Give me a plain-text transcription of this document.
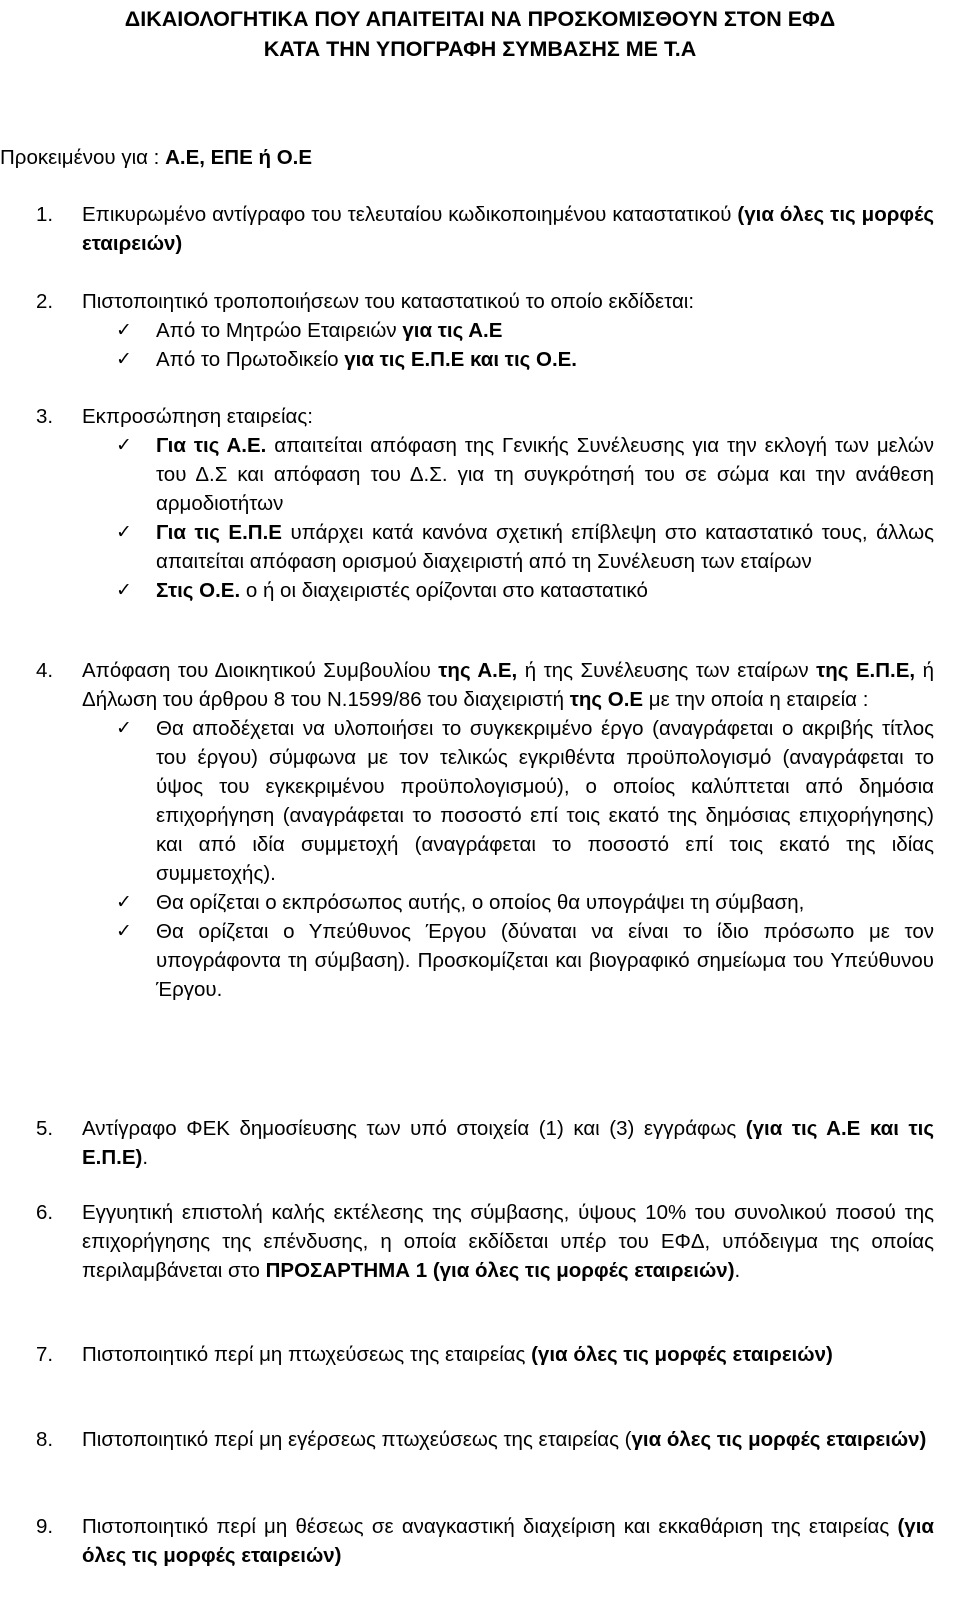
ΔΙΚΑΙΟΛΟΓΗΤΙΚΑ ΠΟΥ ΑΠΑΙΤΕΙΤΑΙ ΝΑ ΠΡΟΣΚΟΜΙΣΘΟΥΝ ΣΤΟΝ ΕΦΔ
ΚΑΤΑ ΤΗΝ ΥΠΟΓΡΑΦΗ ΣΥΜΒΑΣΗΣ ΜΕ Τ.Α
Προκειμένου για : Α.Ε, ΕΠΕ ή Ο.Ε
1. Επικυρωμένο αντίγραφο του τελευταίου κωδικοποιημένου καταστατικού (για όλες τις μορφές εταιρειών)
2. Πιστοποιητικό τροποποιήσεων του καταστατικού το οποίο εκδίδεται:
✓ Από το Μητρώο Εταιρειών για τις Α.Ε
✓ Από το Πρωτοδικείο για τις Ε.Π.Ε και τις Ο.Ε.
3. Εκπροσώπηση εταιρείας:
✓ Για τις Α.Ε. απαιτείται απόφαση της Γενικής Συνέλευσης για την εκλογή των μελών του Δ.Σ και απόφαση του Δ.Σ. για τη συγκρότησή του σε σώμα και την ανάθεση αρμοδιοτήτων
✓ Για τις Ε.Π.Ε υπάρχει κατά κανόνα σχετική επίβλεψη στο καταστατικό τους, άλλως απαιτείται απόφαση ορισμού διαχειριστή από τη Συνέλευση των εταίρων
✓ Στις Ο.Ε. ο ή οι διαχειριστές ορίζονται στο καταστατικό
4. Απόφαση του Διοικητικού Συμβουλίου της Α.Ε, ή της Συνέλευσης των εταίρων της Ε.Π.Ε, ή Δήλωση του άρθρου 8 του Ν.1599/86 του διαχειριστή της Ο.Ε με την οποία η εταιρεία :
✓ Θα αποδέχεται να υλοποιήσει το συγκεκριμένο έργο (αναγράφεται ο ακριβής τίτλος του έργου) σύμφωνα με τον τελικώς εγκριθέντα προϋπολογισμό (αναγράφεται το ύψος του εγκεκριμένου προϋπολογισμού), ο οποίος καλύπτεται από δημόσια επιχορήγηση (αναγράφεται το ποσοστό επί τοις εκατό της δημόσιας επιχορήγησης) και από ιδία συμμετοχή (αναγράφεται το ποσοστό επί τοις εκατό της ιδίας συμμετοχής).
✓ Θα ορίζεται ο εκπρόσωπος αυτής, ο οποίος θα υπογράψει τη σύμβαση,
✓ Θα ορίζεται ο Υπεύθυνος Έργου (δύναται να είναι το ίδιο πρόσωπο με τον υπογράφοντα τη σύμβαση). Προσκομίζεται και βιογραφικό σημείωμα του Υπεύθυνου Έργου.
5. Αντίγραφο ΦΕΚ δημοσίευσης των υπό στοιχεία (1) και (3) εγγράφως (για τις Α.Ε και τις Ε.Π.Ε).
6. Εγγυητική επιστολή καλής εκτέλεσης της σύμβασης, ύψους 10% του συνολικού ποσού της επιχορήγησης της επένδυσης, η οποία εκδίδεται υπέρ του ΕΦΔ, υπόδειγμα της οποίας περιλαμβάνεται στο ΠΡΟΣΑΡΤΗΜΑ 1 (για όλες τις μορφές εταιρειών).
7. Πιστοποιητικό περί μη πτωχεύσεως της εταιρείας (για όλες τις μορφές εταιρειών)
8. Πιστοποιητικό περί μη εγέρσεως πτωχεύσεως της εταιρείας (για όλες τις μορφές εταιρειών)
9. Πιστοποιητικό περί μη θέσεως σε αναγκαστική διαχείριση και εκκαθάριση της εταιρείας (για όλες τις μορφές εταιρειών)
